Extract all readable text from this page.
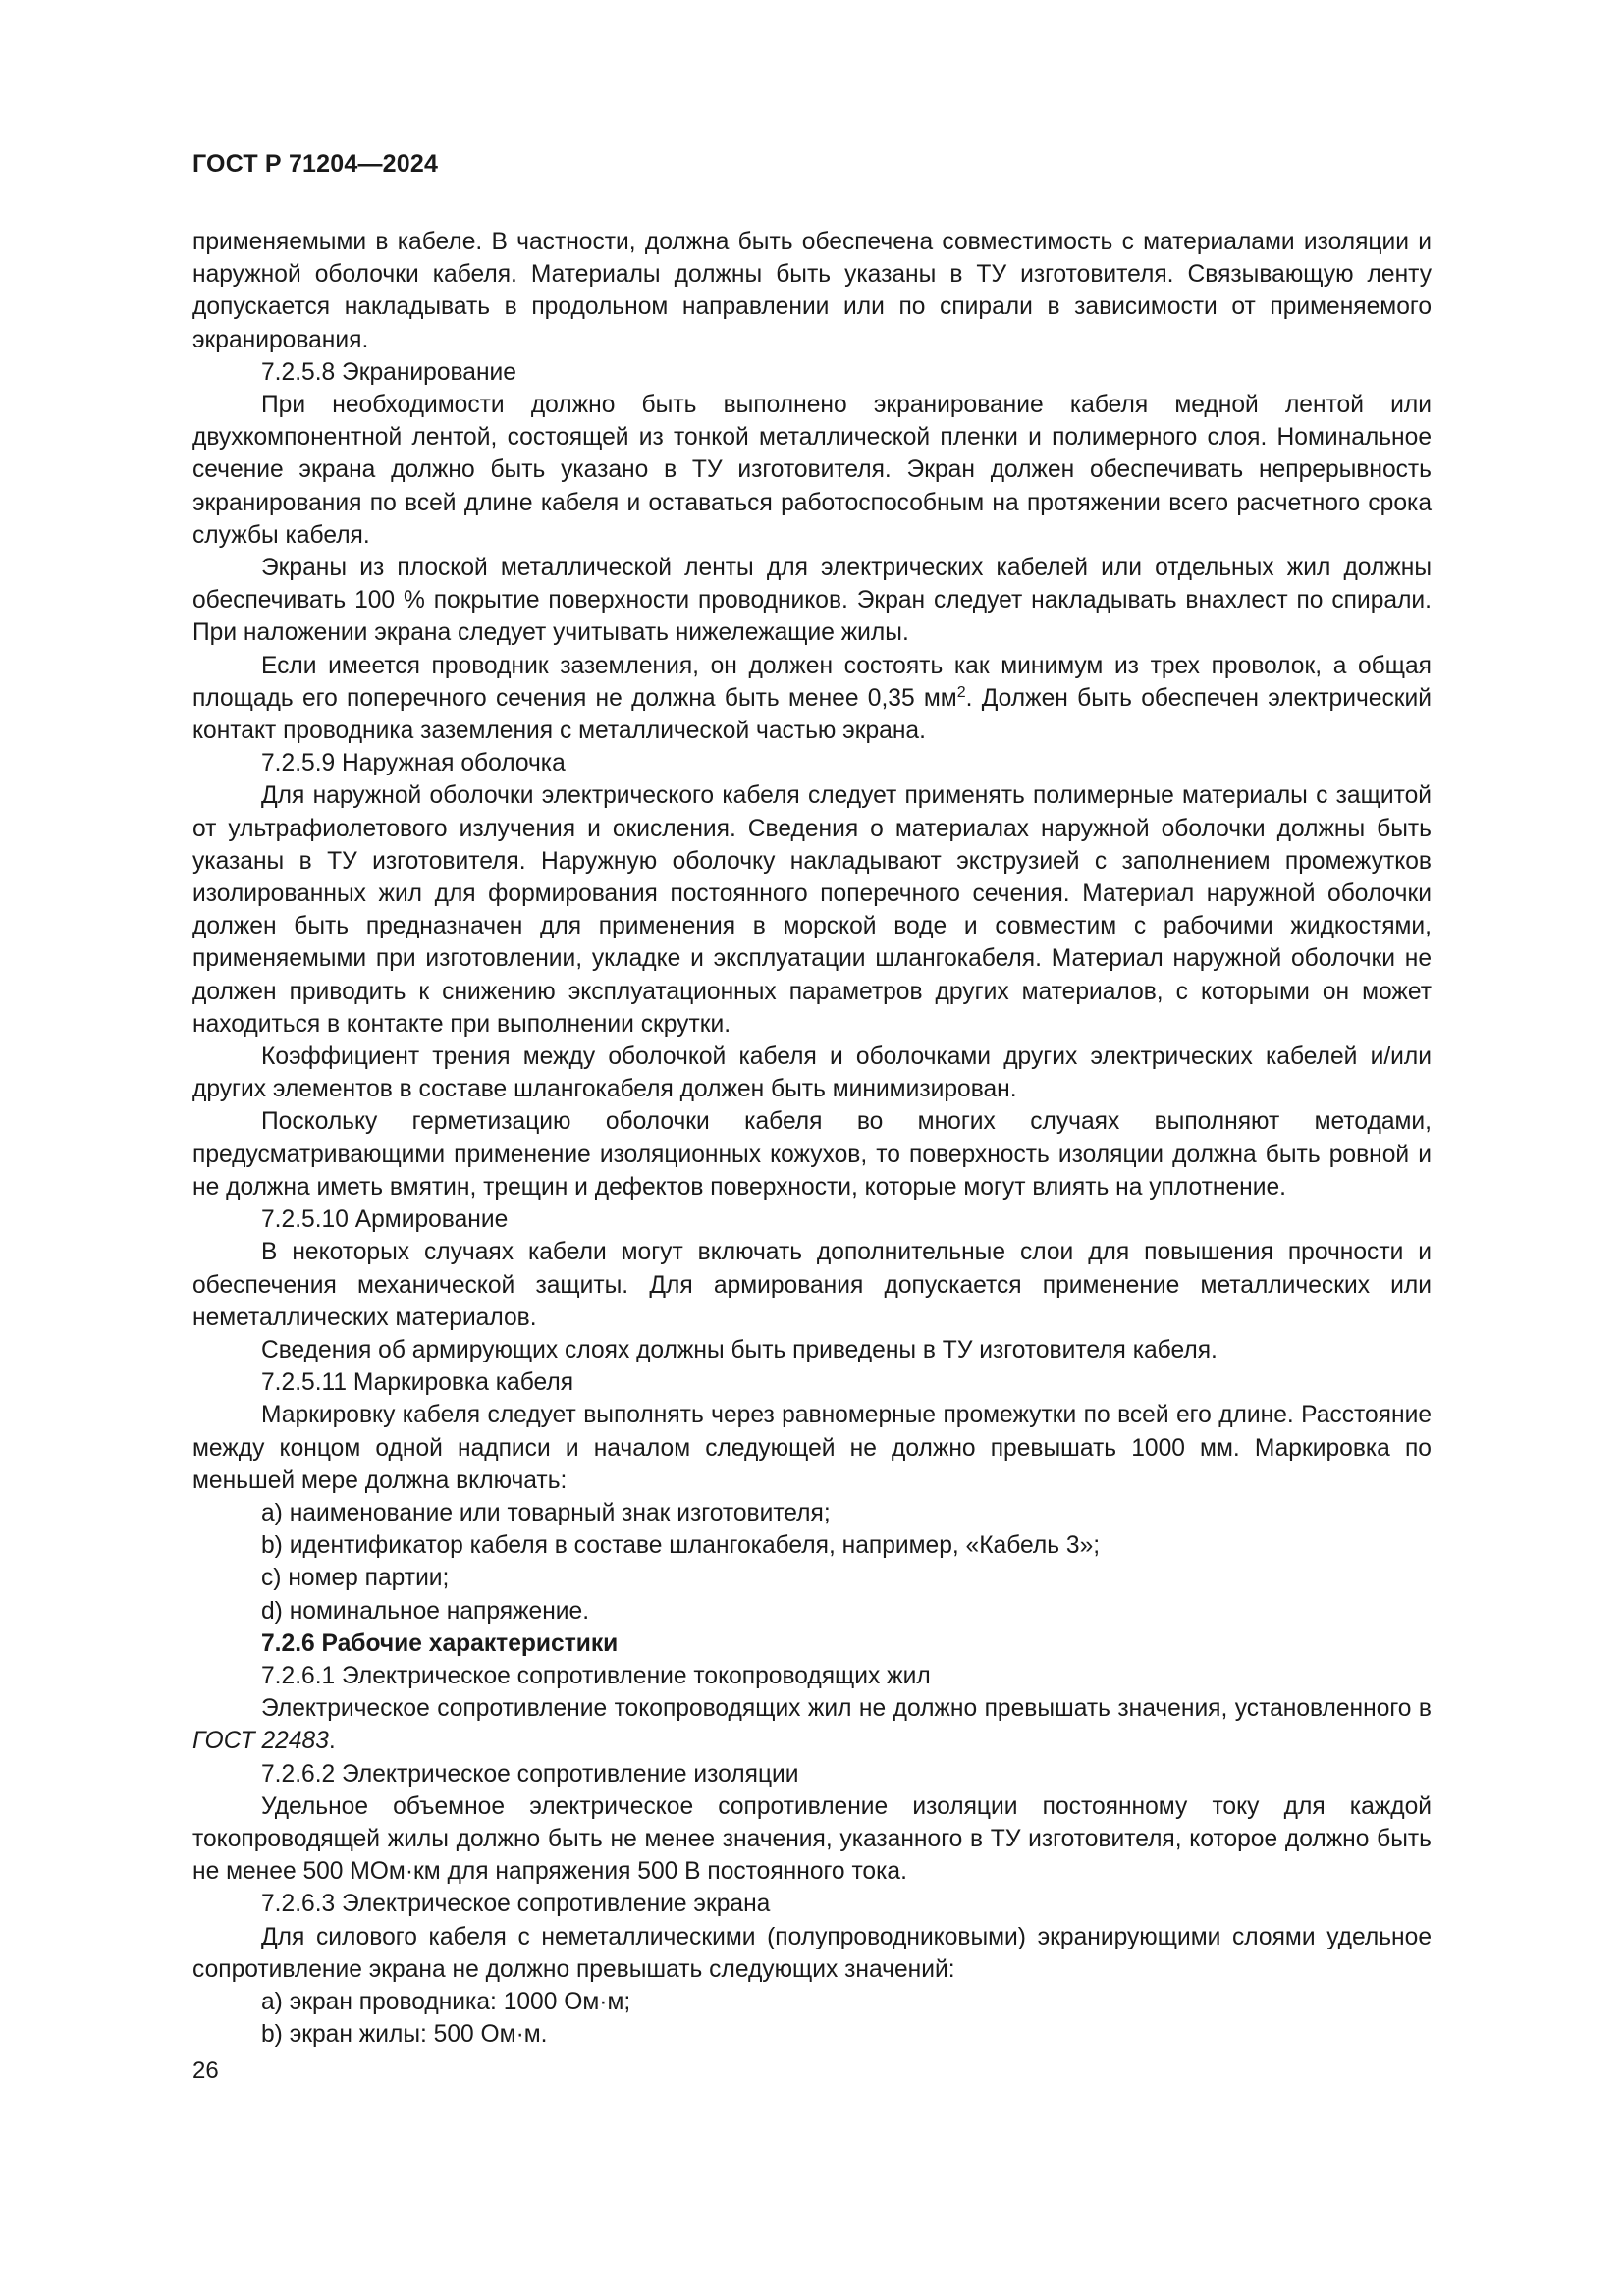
ГОСТ Р 71204—2024

применяемыми в кабеле. В частности, должна быть обеспечена совместимость с материалами изоляции и наружной оболочки кабеля. Материалы должны быть указаны в ТУ изготовителя. Связывающую ленту допускается накладывать в продольном направлении или по спирали в зависимости от применяемого экранирования.

7.2.5.8 Экранирование

При необходимости должно быть выполнено экранирование кабеля медной лентой или двухкомпонентной лентой, состоящей из тонкой металлической пленки и полимерного слоя. Номинальное сечение экрана должно быть указано в ТУ изготовителя. Экран должен обеспечивать непрерывность экранирования по всей длине кабеля и оставаться работоспособным на протяжении всего расчетного срока службы кабеля.

Экраны из плоской металлической ленты для электрических кабелей или отдельных жил должны обеспечивать 100 % покрытие поверхности проводников. Экран следует накладывать внахлест по спирали. При наложении экрана следует учитывать нижележащие жилы.

Если имеется проводник заземления, он должен состоять как минимум из трех проволок, а общая площадь его поперечного сечения не должна быть менее 0,35 $мм^2$. Должен быть обеспечен электрический контакт проводника заземления с металлической частью экрана.

7.2.5.9 Наружная оболочка

Для наружной оболочки электрического кабеля следует применять полимерные материалы с защитой от ультрафиолетового излучения и окисления. Сведения о материалах наружной оболочки должны быть указаны в ТУ изготовителя. Наружную оболочку накладывают экструзией с заполнением промежутков изолированных жил для формирования постоянного поперечного сечения. Материал наружной оболочки должен быть предназначен для применения в морской воде и совместим с рабочими жидкостями, применяемыми при изготовлении, укладке и эксплуатации шлангокабеля. Материал наружной оболочки не должен приводить к снижению эксплуатационных параметров других материалов, с которыми он может находиться в контакте при выполнении скрутки.

Коэффициент трения между оболочкой кабеля и оболочками других электрических кабелей и/или других элементов в составе шлангокабеля должен быть минимизирован.

Поскольку герметизацию оболочки кабеля во многих случаях выполняют методами, предусматривающими применение изоляционных кожухов, то поверхность изоляции должна быть ровной и не должна иметь вмятин, трещин и дефектов поверхности, которые могут влиять на уплотнение.

7.2.5.10 Армирование

В некоторых случаях кабели могут включать дополнительные слои для повышения прочности и обеспечения механической защиты. Для армирования допускается применение металлических или неметаллических материалов.

Сведения об армирующих слоях должны быть приведены в ТУ изготовителя кабеля.

7.2.5.11 Маркировка кабеля

Маркировку кабеля следует выполнять через равномерные промежутки по всей его длине. Расстояние между концом одной надписи и началом следующей не должно превышать 1000 мм. Маркировка по меньшей мере должна включать:

a) наименование или товарный знак изготовителя;

b) идентификатор кабеля в составе шлангокабеля, например, «Кабель 3»;

c) номер партии;

d) номинальное напряжение.

7.2.6 Рабочие характеристики

7.2.6.1 Электрическое сопротивление токопроводящих жил

Электрическое сопротивление токопроводящих жил не должно превышать значения, установленного в ГОСТ 22483.

7.2.6.2 Электрическое сопротивление изоляции

Удельное объемное электрическое сопротивление изоляции постоянному току для каждой токопроводящей жилы должно быть не менее значения, указанного в ТУ изготовителя, которое должно быть не менее 500 МОм·км для напряжения 500 В постоянного тока.

7.2.6.3 Электрическое сопротивление экрана

Для силового кабеля с неметаллическими (полупроводниковыми) экранирующими слоями удельное сопротивление экрана не должно превышать следующих значений:

a) экран проводника: 1000 Ом·м;

b) экран жилы: 500 Ом·м.

26
